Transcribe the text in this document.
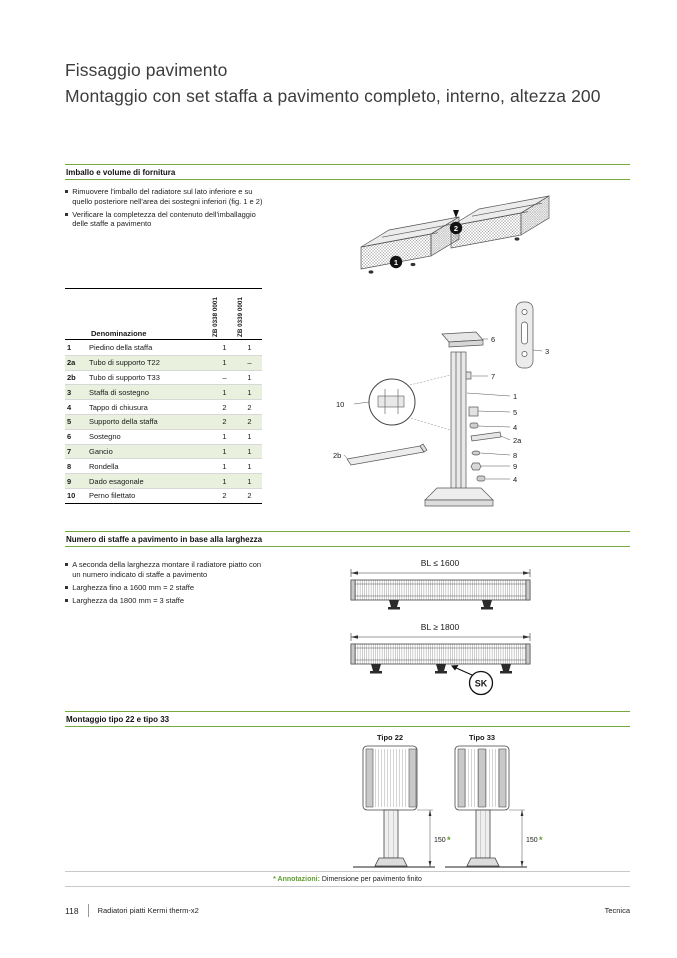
Fissaggio pavimento
Montaggio con set staffa a pavimento completo, interno, altezza 200
Imballo e volume di fornitura
Rimuovere l'imballo del radiatore sul lato inferiore e su quello posteriore nell'area dei sostegni inferiori (fig. 1 e 2)
Verificare la completezza del contenuto dell'imballaggio delle staffe a pavimento
1
2
ZB 0338 0001	ZB 0339 0001
Denominazione
1	Piedino della staffa	1	1
2a	Tubo di supporto T22	1	–
2b	Tubo di supporto T33	–	1
3	Staffa di sostegno	1	1
4	Tappo di chiusura	2	2
5	Supporto della staffa	2	2
6	Sostegno	1	1
7	Gancio	1	1
8	Rondella	1	1
9	Dado esagonale	1	1
10	Perno filettato	2	2
6
3
7
1
10
5
4
2a
2b	8
9
4
Numero di staffe a pavimento in base alla larghezza
A seconda della larghezza montare il radiatore piatto con un numero indicato di staffe a pavimento
Larghezza fino a 1600 mm = 2 staffe
Larghezza da 1800 mm = 3 staffe
BL ≤ 1600
BL ≥ 1800
SK
Montaggio tipo 22 e tipo 33
Tipo 22
150 *
Tipo 33
150 *
* Annotazioni: Dimensione per pavimento finito
118	Radiatori piatti Kermi therm-x2	Tecnica
